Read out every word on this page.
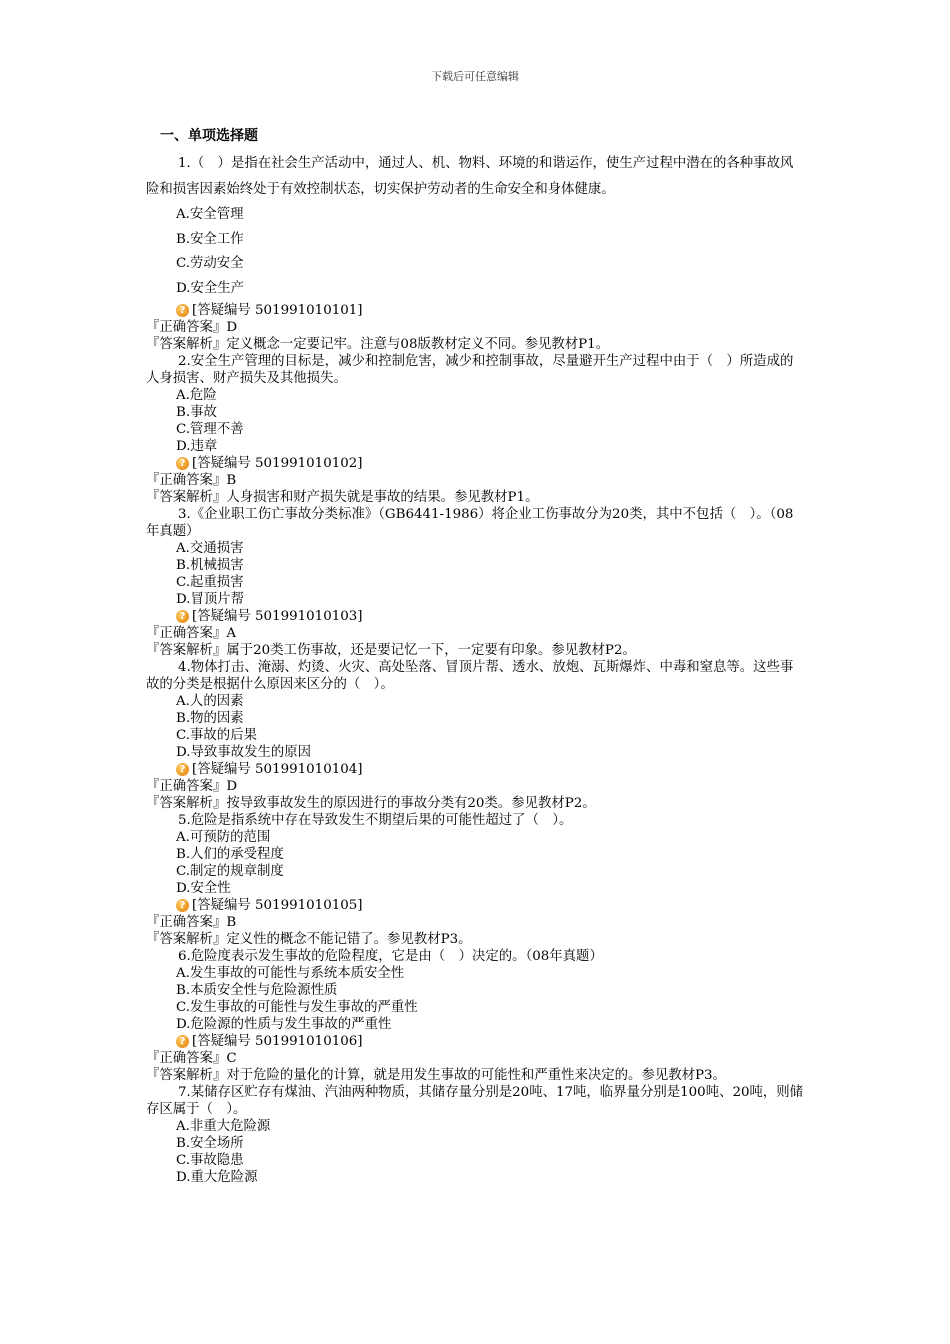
下载后可任意编辑
一、单项选择题

1.（　）是指在社会生产活动中，通过人、机、物料、环境的和谐运作，使生产过程中潜在的各种事故风险和损害因素始终处于有效控制状态，切实保护劳动者的生命安全和身体健康。

A.安全管理
B.安全工作
C.劳动安全
D.安全生产
? [答疑编号 501991010101]

『正确答案』D

『答案解析』定义概念一定要记牢。注意与08版教材定义不同。参见教材P1。

2.安全生产管理的目标是，减少和控制危害，减少和控制事故，尽量避开生产过程中由于（　）所造成的人身损害、财产损失及其他损失。

A.危险
B.事故
C.管理不善
D.违章
? [答疑编号 501991010102]

『正确答案』B

『答案解析』人身损害和财产损失就是事故的结果。参见教材P1。

3.《企业职工伤亡事故分类标准》（GB6441-1986）将企业工伤事故分为20类，其中不包括（　）。（08年真题）

A.交通损害
B.机械损害
C.起重损害
D.冒顶片帮
? [答疑编号 501991010103]

『正确答案』A

『答案解析』属于20类工伤事故，还是要记忆一下，一定要有印象。参见教材P2。

4.物体打击、淹溺、灼烫、火灾、高处坠落、冒顶片帮、透水、放炮、瓦斯爆炸、中毒和窒息等。这些事故的分类是根据什么原因来区分的（　）。

A.人的因素
B.物的因素
C.事故的后果
D.导致事故发生的原因
? [答疑编号 501991010104]

『正确答案』D

『答案解析』按导致事故发生的原因进行的事故分类有20类。参见教材P2。

5.危险是指系统中存在导致发生不期望后果的可能性超过了（　）。

A.可预防的范围
B.人们的承受程度
C.制定的规章制度
D.安全性
? [答疑编号 501991010105]

『正确答案』B

『答案解析』定义性的概念不能记错了。参见教材P3。

6.危险度表示发生事故的危险程度，它是由（　）决定的。（08年真题）

A.发生事故的可能性与系统本质安全性
B.本质安全性与危险源性质
C.发生事故的可能性与发生事故的严重性
D.危险源的性质与发生事故的严重性
? [答疑编号 501991010106]

『正确答案』C

『答案解析』对于危险的量化的计算，就是用发生事故的可能性和严重性来决定的。参见教材P3。

7.某储存区贮存有煤油、汽油两种物质，其储存量分别是20吨、17吨，临界量分别是100吨、20吨，则储存区属于（　）。

A.非重大危险源
B.安全场所
C.事故隐患
D.重大危险源
